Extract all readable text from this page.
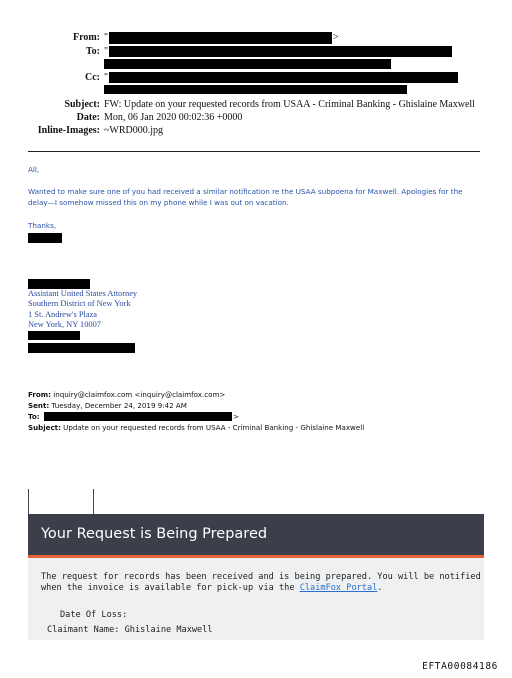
From: "
To: "
Cc: "
Subject: FW: Update on your requested records from USAA - Criminal Banking - Ghislaine Maxwell
Date: Mon, 06 Jan 2020 00:02:36 +0000
Inline-Images: ~WRD000.jpg
>
All,
Wanted to make sure one of you had received a similar notification re the USAA subpoena for Maxwell. Apologies for the delay—I somehow missed this on my phone while I was out on vacation.
Thanks,
Assistant United States Attorney
Southern District of New York
1 St. Andrew's Plaza
New York, NY 10007
From: inquiry@claimfox.com <inquiry@claimfox.com>
Sent: Tuesday, December 24, 2019 9:42 AM
To:	>
Subject: Update on your requested records from USAA - Criminal Banking - Ghislaine Maxwell
Your Request is Being Prepared
The request for records has been received and is being prepared. You will be notified when the invoice is available for pick-up via the ClaimFox Portal.
Date Of Loss:
Claimant Name: Ghislaine Maxwell
EFTA00084186
